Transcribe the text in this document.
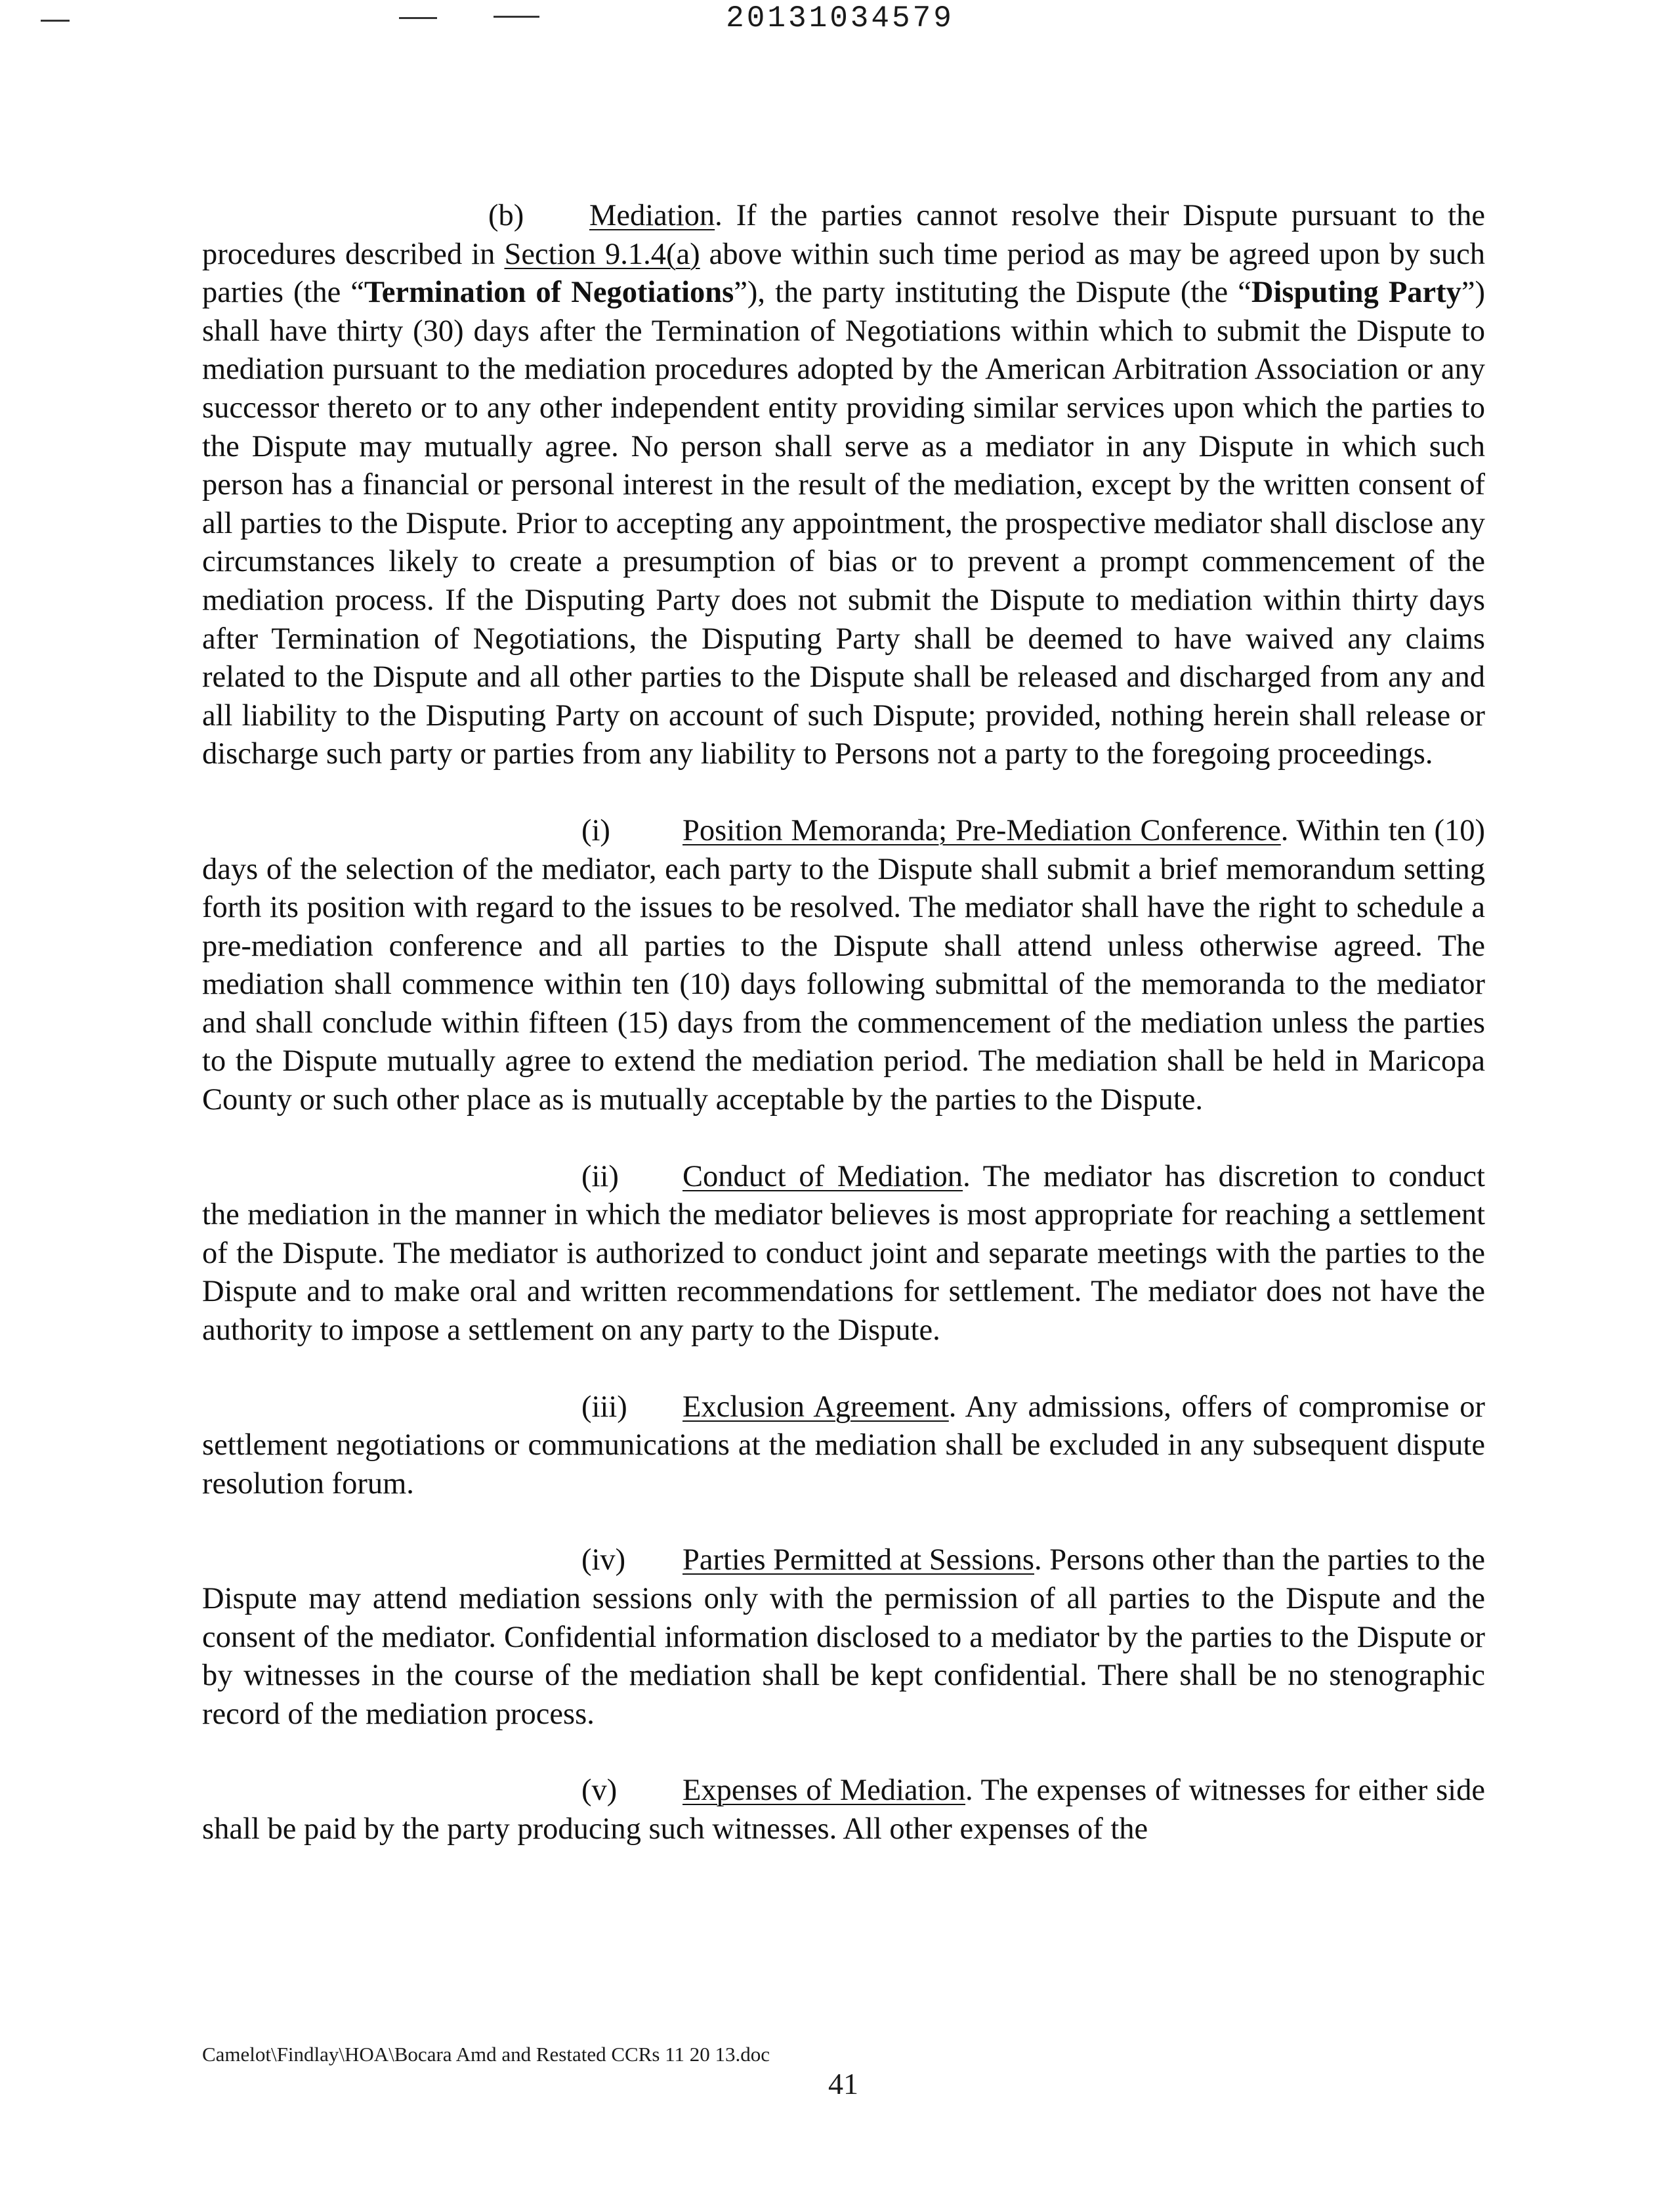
20131034579

(b) Mediation. If the parties cannot resolve their Dispute pursuant to the procedures described in Section 9.1.4(a) above within such time period as may be agreed upon by such parties (the “Termination of Negotiations”), the party instituting the Dispute (the “Disputing Party”) shall have thirty (30) days after the Termination of Negotiations within which to submit the Dispute to mediation pursuant to the mediation procedures adopted by the American Arbitration Association or any successor thereto or to any other independent entity providing similar services upon which the parties to the Dispute may mutually agree. No person shall serve as a mediator in any Dispute in which such person has a financial or personal interest in the result of the mediation, except by the written consent of all parties to the Dispute. Prior to accepting any appointment, the prospective mediator shall disclose any circumstances likely to create a presumption of bias or to prevent a prompt commencement of the mediation process. If the Disputing Party does not submit the Dispute to mediation within thirty days after Termination of Negotiations, the Disputing Party shall be deemed to have waived any claims related to the Dispute and all other parties to the Dispute shall be released and discharged from any and all liability to the Disputing Party on account of such Dispute; provided, nothing herein shall release or discharge such party or parties from any liability to Persons not a party to the foregoing proceedings.

(i) Position Memoranda; Pre-Mediation Conference. Within ten (10) days of the selection of the mediator, each party to the Dispute shall submit a brief memorandum setting forth its position with regard to the issues to be resolved. The mediator shall have the right to schedule a pre-mediation conference and all parties to the Dispute shall attend unless otherwise agreed. The mediation shall commence within ten (10) days following submittal of the memoranda to the mediator and shall conclude within fifteen (15) days from the commencement of the mediation unless the parties to the Dispute mutually agree to extend the mediation period. The mediation shall be held in Maricopa County or such other place as is mutually acceptable by the parties to the Dispute.

(ii) Conduct of Mediation. The mediator has discretion to conduct the mediation in the manner in which the mediator believes is most appropriate for reaching a settlement of the Dispute. The mediator is authorized to conduct joint and separate meetings with the parties to the Dispute and to make oral and written recommendations for settlement. The mediator does not have the authority to impose a settlement on any party to the Dispute.

(iii) Exclusion Agreement. Any admissions, offers of compromise or settlement negotiations or communications at the mediation shall be excluded in any subsequent dispute resolution forum.

(iv) Parties Permitted at Sessions. Persons other than the parties to the Dispute may attend mediation sessions only with the permission of all parties to the Dispute and the consent of the mediator. Confidential information disclosed to a mediator by the parties to the Dispute or by witnesses in the course of the mediation shall be kept confidential. There shall be no stenographic record of the mediation process.

(v) Expenses of Mediation. The expenses of witnesses for either side shall be paid by the party producing such witnesses. All other expenses of the

Camelot\Findlay\HOA\Bocara Amd and Restated CCRs 11 20 13.doc
41
